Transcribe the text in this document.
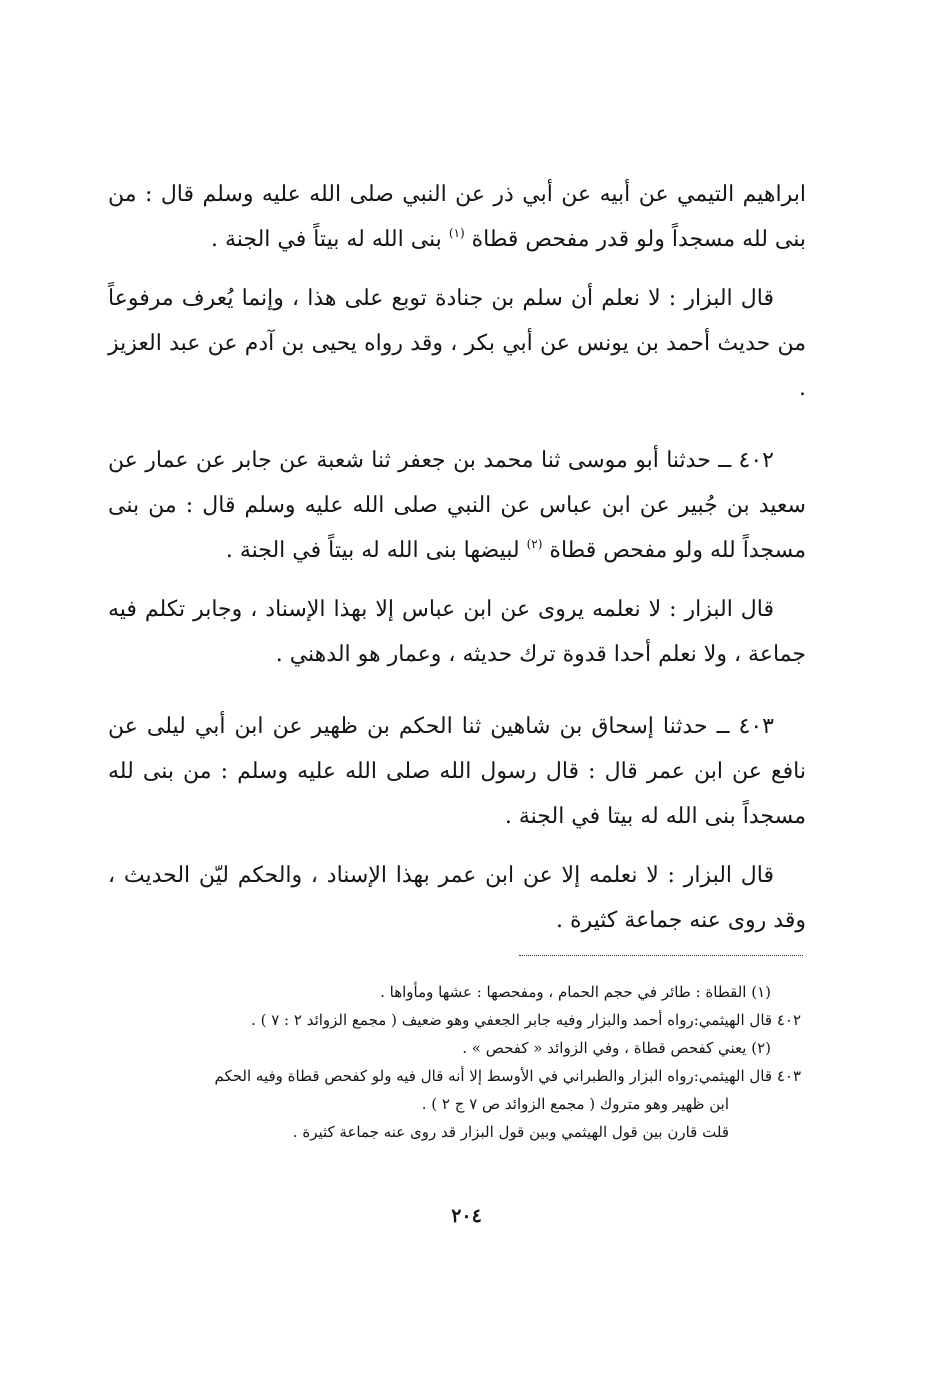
ابراهيم التيمي عن أبيه عن أبي ذر عن النبي صلى الله عليه وسلم قال : من بنى لله مسجداً ولو قدر مفحص قطاة $^{(١)}$ بنى الله له بيتاً في الجنة .

قال البزار : لا نعلم أن سلم بن جنادة توبع على هذا ، وإنما يُعرف مرفوعاً من حديث أحمد بن يونس عن أبي بكر ، وقد رواه يحيى بن آدم عن عبد العزيز .

٤٠٢ ــ حدثنا أبو موسى ثنا محمد بن جعفر ثنا شعبة عن جابر عن عمار عن سعيد بن جُبير عن ابن عباس عن النبي صلى الله عليه وسلم قال : من بنى مسجداً لله ولو مفحص قطاة $^{(٢)}$ لبيضها بنى الله له بيتاً في الجنة .

قال البزار : لا نعلمه يروى عن ابن عباس إلا بهذا الإسناد ، وجابر تكلم فيه جماعة ، ولا نعلم أحدا قدوة ترك حديثه ، وعمار هو الدهني .

٤٠٣ ــ حدثنا إسحاق بن شاهين ثنا الحكم بن ظهير عن ابن أبي ليلى عن نافع عن ابن عمر قال : قال رسول الله صلى الله عليه وسلم : من بنى لله مسجداً بنى الله له بيتا في الجنة .

قال البزار : لا نعلمه إلا عن ابن عمر بهذا الإسناد ، والحكم ليّن الحديث ، وقد روى عنه جماعة كثيرة .

(١) القطاة : طائر في حجم الحمام ، ومفحصها : عشها ومأواها .
٤٠٢ قال الهيثمي:رواه أحمد والبزار وفيه جابر الجعفي وهو ضعيف ( مجمع الزوائد ٢ : ٧ ) .
(٢) يعني كفحص قطاة ، وفي الزوائد « كفحص » .
٤٠٣ قال الهيثمي:رواه البزار والطبراني في الأوسط إلا أنه قال فيه ولو كفحص قطاة وفيه الحكم
ابن ظهير وهو متروك ( مجمع الزوائد ص ٧ ج ٢ ) .
قلت قارن بين قول الهيثمي وبين قول البزار قد روى عنه جماعة كثيرة .
٢٠٤
